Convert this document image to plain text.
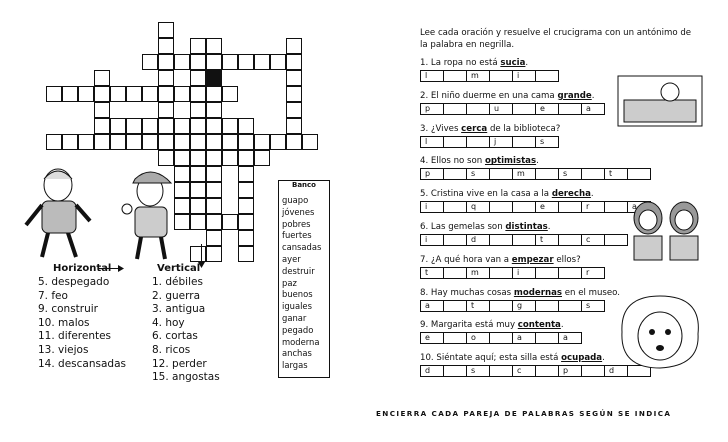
Horizontal	Vertical
5. despegado
7. feo
9. construir
10. malos
11. diferentes
13. viejos
14. descansadas
1. débiles
2. guerra
3. antigua
4. hoy
6. cortas
8. ricos
12. perder
15. angostas
Banco
guapo
jóvenes
pobres
fuertes
cansadas
ayer
destruir
paz
buenos
iguales
ganar
pegado
moderna
anchas
largas
Lee cada oración y resuelve el crucigrama con un antónimo de
la palabra en negrilla.
1. La ropa no está sucia.
l	m	i
2. El niño duerme en una cama grande.
p	u	e	a
3. ¿Vives cerca de la biblioteca?
l	j	s
4. Ellos no son optimistas.
p	s	m	s	t
5. Cristina vive en la casa a la derecha.
i	q	e	r	a
6. Las gemelas son distintas.
i	d	t	c
7. ¿A qué hora van a empezar ellos?
t	m	i	r
8. Hay muchas cosas modernas en el museo.
a	t	g	s
9. Margarita está muy contenta.
e	o	a	a
10. Siéntate aquí; esta silla está ocupada.
d	s	c	p	d
ENCIERRA CADA PAREJA DE PALABRAS SEGÚN SE INDICA
